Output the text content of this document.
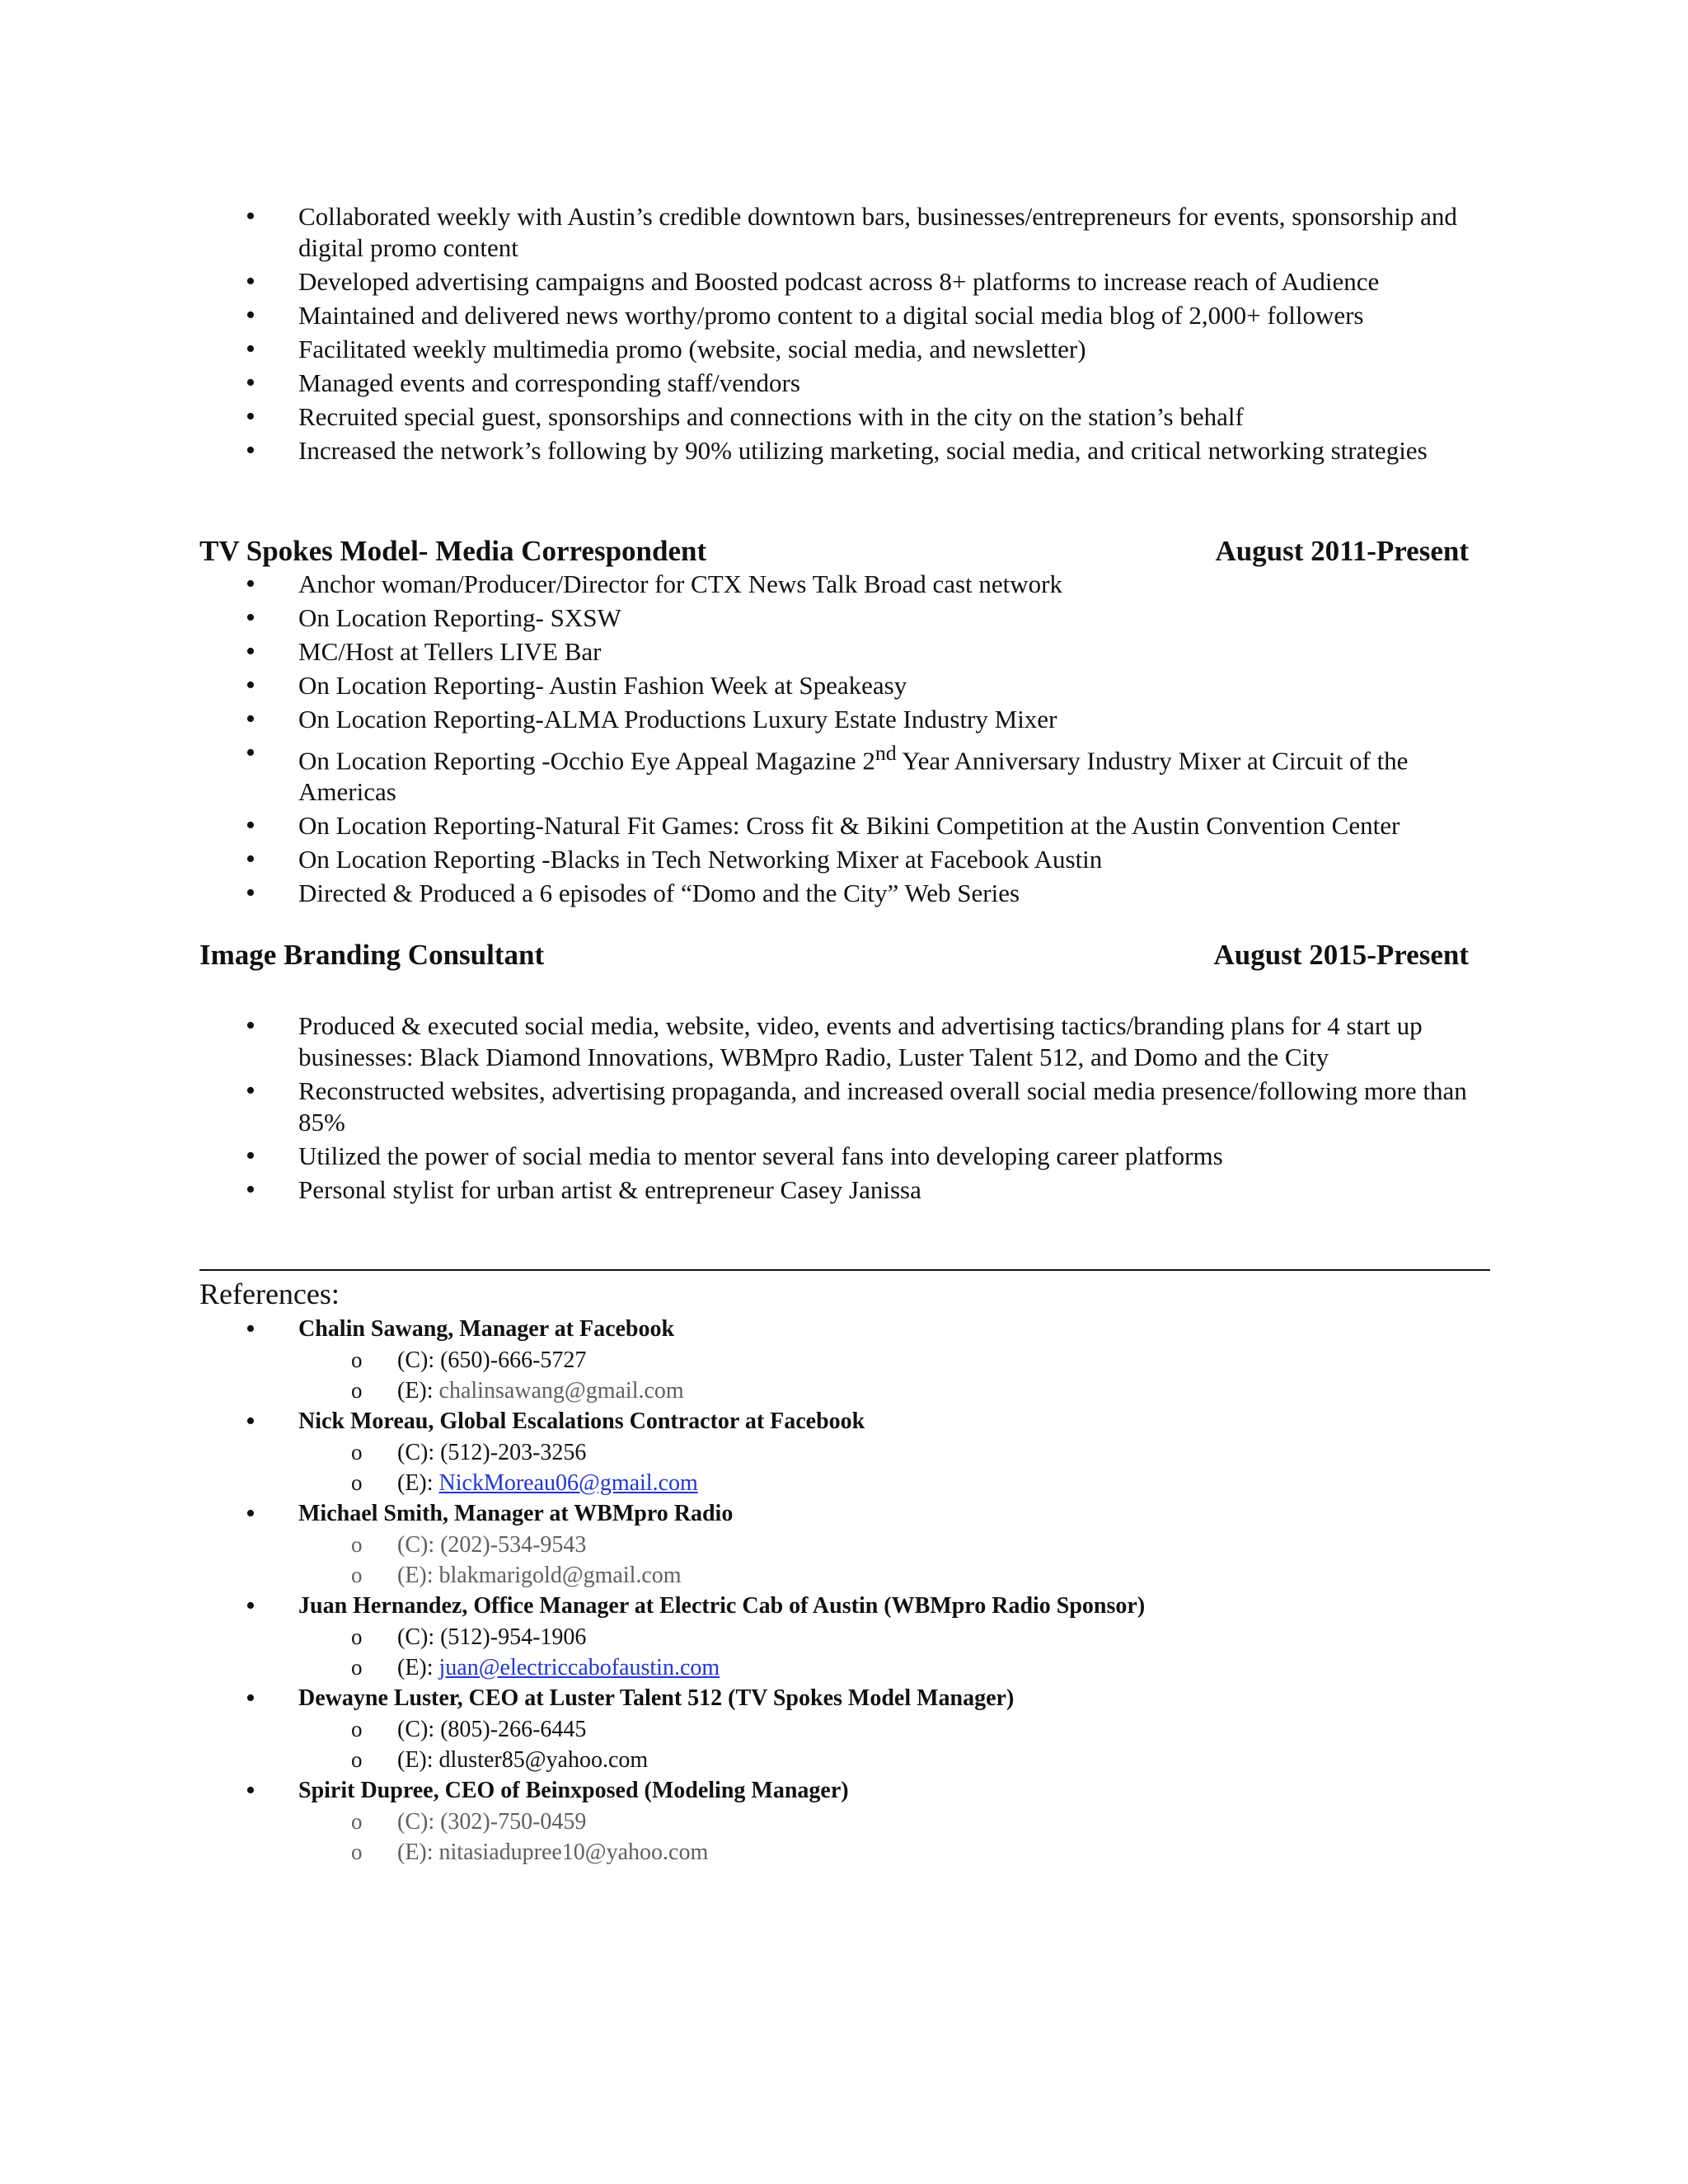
• Collaborated weekly with Austin’s credible downtown bars, businesses/entrepreneurs for events, sponsorship and digital promo content
• Developed advertising campaigns and Boosted podcast across 8+ platforms to increase reach of Audience
• Maintained and delivered news worthy/promo content to a digital social media blog of 2,000+ followers
• Facilitated weekly multimedia promo (website, social media, and newsletter)
• Managed events and corresponding staff/vendors
• Recruited special guest, sponsorships and connections with in the city on the station’s behalf
• Increased the network’s following by 90% utilizing marketing, social media, and critical networking strategies
TV Spokes Model- Media Correspondent	August 2011-Present
• Anchor woman/Producer/Director for CTX News Talk Broad cast network
• On Location Reporting- SXSW
• MC/Host at Tellers LIVE Bar
• On Location Reporting- Austin Fashion Week at Speakeasy
• On Location Reporting-ALMA Productions Luxury Estate Industry Mixer
• On Location Reporting -Occhio Eye Appeal Magazine 2nd Year Anniversary Industry Mixer at Circuit of the Americas
• On Location Reporting-Natural Fit Games: Cross fit & Bikini Competition at the Austin Convention Center
• On Location Reporting -Blacks in Tech Networking Mixer at Facebook Austin
• Directed & Produced a 6 episodes of “Domo and the City” Web Series
Image Branding Consultant	August 2015-Present
• Produced & executed social media, website, video, events and advertising tactics/branding plans for 4 start up businesses: Black Diamond Innovations, WBMpro Radio, Luster Talent 512, and Domo and the City
• Reconstructed websites, advertising propaganda, and increased overall social media presence/following more than 85%
• Utilized the power of social media to mentor several fans into developing career platforms
• Personal stylist for urban artist & entrepreneur Casey Janissa
References:
• Chalin Sawang, Manager at Facebook
o (C): (650)-666-5727
o (E): chalinsawang@gmail.com
• Nick Moreau, Global Escalations Contractor at Facebook
o (C): (512)-203-3256
o (E): NickMoreau06@gmail.com
• Michael Smith, Manager at WBMpro Radio
o (C): (202)-534-9543
o (E): blakmarigold@gmail.com
• Juan Hernandez, Office Manager at Electric Cab of Austin (WBMpro Radio Sponsor)
o (C): (512)-954-1906
o (E): juan@electriccabofaustin.com
• Dewayne Luster, CEO at Luster Talent 512 (TV Spokes Model Manager)
o (C): (805)-266-6445
o (E): dluster85@yahoo.com
• Spirit Dupree, CEO of Beinxposed (Modeling Manager)
o (C): (302)-750-0459
o (E): nitasiadupree10@yahoo.com
